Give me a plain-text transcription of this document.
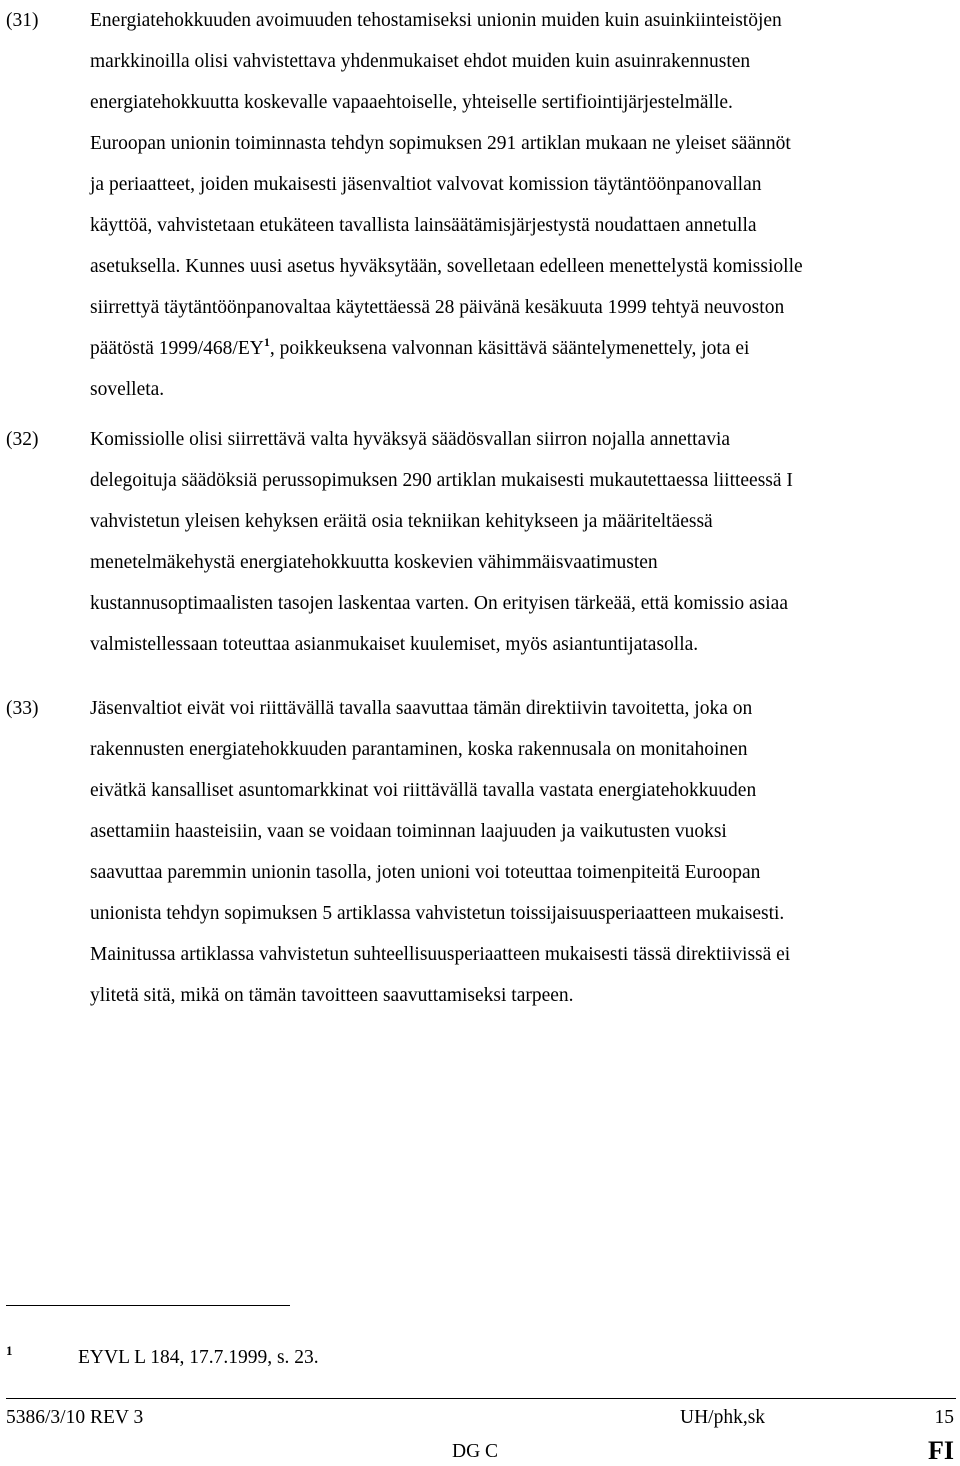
(31)	Energiatehokkuuden avoimuuden tehostamiseksi unionin muiden kuin asuinkiinteistöjen
markkinoilla olisi vahvistettava yhdenmukaiset ehdot muiden kuin asuinrakennusten
energiatehokkuutta koskevalle vapaaehtoiselle, yhteiselle sertifiointijärjestelmälle.
Euroopan unionin toiminnasta tehdyn sopimuksen 291 artiklan mukaan ne yleiset säännöt
ja periaatteet, joiden mukaisesti jäsenvaltiot valvovat komission täytäntöönpanovallan
käyttöä, vahvistetaan etukäteen tavallista lainsäätämisjärjestystä noudattaen annetulla
asetuksella. Kunnes uusi asetus hyväksytään, sovelletaan edelleen menettelystä komissiolle
siirrettyä täytäntöönpanovaltaa käytettäessä 28 päivänä kesäkuuta 1999 tehtyä neuvoston
päätöstä $1999/468/EY^1$, poikkeuksena valvonnan käsittävä sääntelymenettely, jota ei
sovelleta.
(32)	Komissiolle olisi siirrettävä valta hyväksyä säädösvallan siirron nojalla annettavia
delegoituja säädöksiä perussopimuksen 290 artiklan mukaisesti mukautettaessa liitteessä I
vahvistetun yleisen kehyksen eräitä osia tekniikan kehitykseen ja määriteltäessä
menetelmäkehystä energiatehokkuutta koskevien vähimmäisvaatimusten
kustannusoptimaalisten tasojen laskentaa varten. On erityisen tärkeää, että komissio asiaa
valmistellessaan toteuttaa asianmukaiset kuulemiset, myös asiantuntijatasolla.
(33)	Jäsenvaltiot eivät voi riittävällä tavalla saavuttaa tämän direktiivin tavoitetta, joka on
rakennusten energiatehokkuuden parantaminen, koska rakennusala on monitahoinen
eivätkä kansalliset asuntomarkkinat voi riittävällä tavalla vastata energiatehokkuuden
asettamiin haasteisiin, vaan se voidaan toiminnan laajuuden ja vaikutusten vuoksi
saavuttaa paremmin unionin tasolla, joten unioni voi toteuttaa toimenpiteitä Euroopan
unionista tehdyn sopimuksen 5 artiklassa vahvistetun toissijaisuusperiaatteen mukaisesti.
Mainitussa artiklassa vahvistetun suhteellisuusperiaatteen mukaisesti tässä direktiivissä ei
ylitetä sitä, mikä on tämän tavoitteen saavuttamiseksi tarpeen.
1	EYVL L 184, 17.7.1999, s. 23.
5386/3/10 REV 3	UH/phk,sk	15
DG C	FI
